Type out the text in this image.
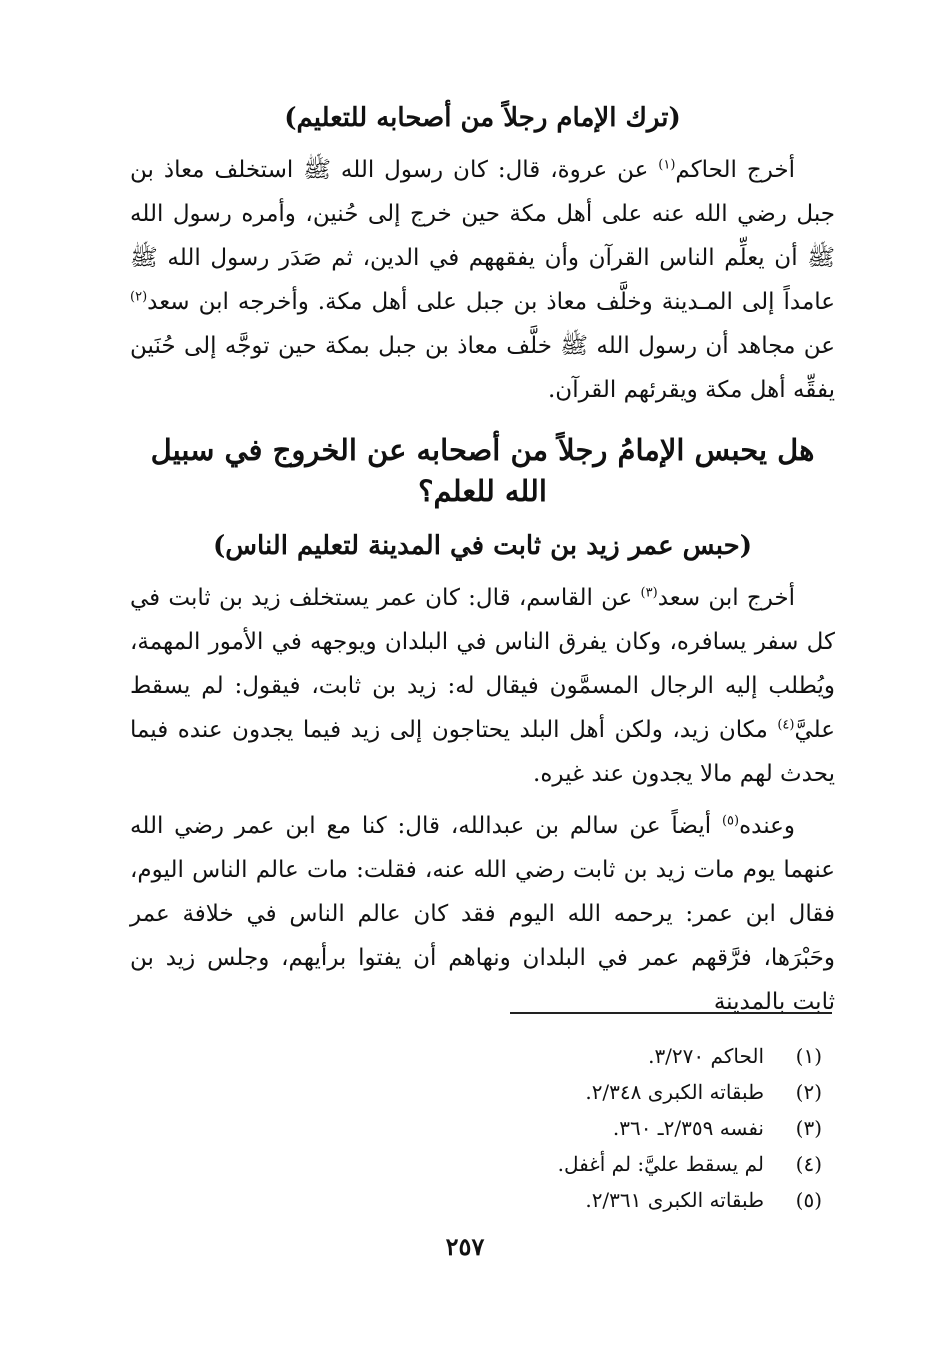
(ترك الإمام رجلاً من أصحابه للتعليم)

أخرج الحاكم$^{(١)}$ عن عروة، قال: كان رسول الله ﷺ استخلف معاذ بن جبل رضي الله عنه على أهل مكة حين خرج إلى حُنين، وأمره رسول الله ﷺ أن يعلِّم الناس القرآن وأن يفقههم في الدين، ثم صَدَر رسول الله ﷺ عامداً إلى المـدينة وخلَّف معاذ بن جبل على أهل مكة. وأخرجه ابن سعد$^{(٢)}$ عن مجاهد أن رسول الله ﷺ خلَّف معاذ بن جبل بمكة حين توجَّه إلى حُنَين يفقِّه أهل مكة ويقرئهم القرآن.

هل يحبس الإمامُ رجلاً من أصحابه عن الخروج في سبيل الله للعلم؟
(حبس عمر زيد بن ثابت في المدينة لتعليم الناس)

أخرج ابن سعد$^{(٣)}$ عن القاسم، قال: كان عمر يستخلف زيد بن ثابت في كل سفر يسافره، وكان يفرق الناس في البلدان ويوجهه في الأمور المهمة، ويُطلب إليه الرجال المسمَّون فيقال له: زيد بن ثابت، فيقول: لم يسقط عليَّ$^{(٤)}$ مكان زيد، ولكن أهل البلد يحتاجون إلى زيد فيما يجدون عنده فيما يحدث لهم مالا يجدون عند غيره.

وعنده$^{(٥)}$ أيضاً عن سالم بن عبدالله، قال: كنا مع ابن عمر رضي الله عنهما يوم مات زيد بن ثابت رضي الله عنه، فقلت: مات عالم الناس اليوم، فقال ابن عمر: يرحمه الله اليوم فقد كان عالم الناس في خلافة عمر وحَبْرَها، فرَّقهم عمر في البلدان ونهاهم أن يفتوا برأيهم، وجلس زيد بن ثابت بالمدينة

(١)
الحاكم ٣/٢٧٠.
(٢)
طبقاته الكبرى ٢/٣٤٨.
(٣)
نفسه ٢/٣٥٩ـ ٣٦٠.
(٤)
لم يسقط عليَّ: لم أغفل.
(٥)
طبقاته الكبرى ٢/٣٦١.
٢٥٧
